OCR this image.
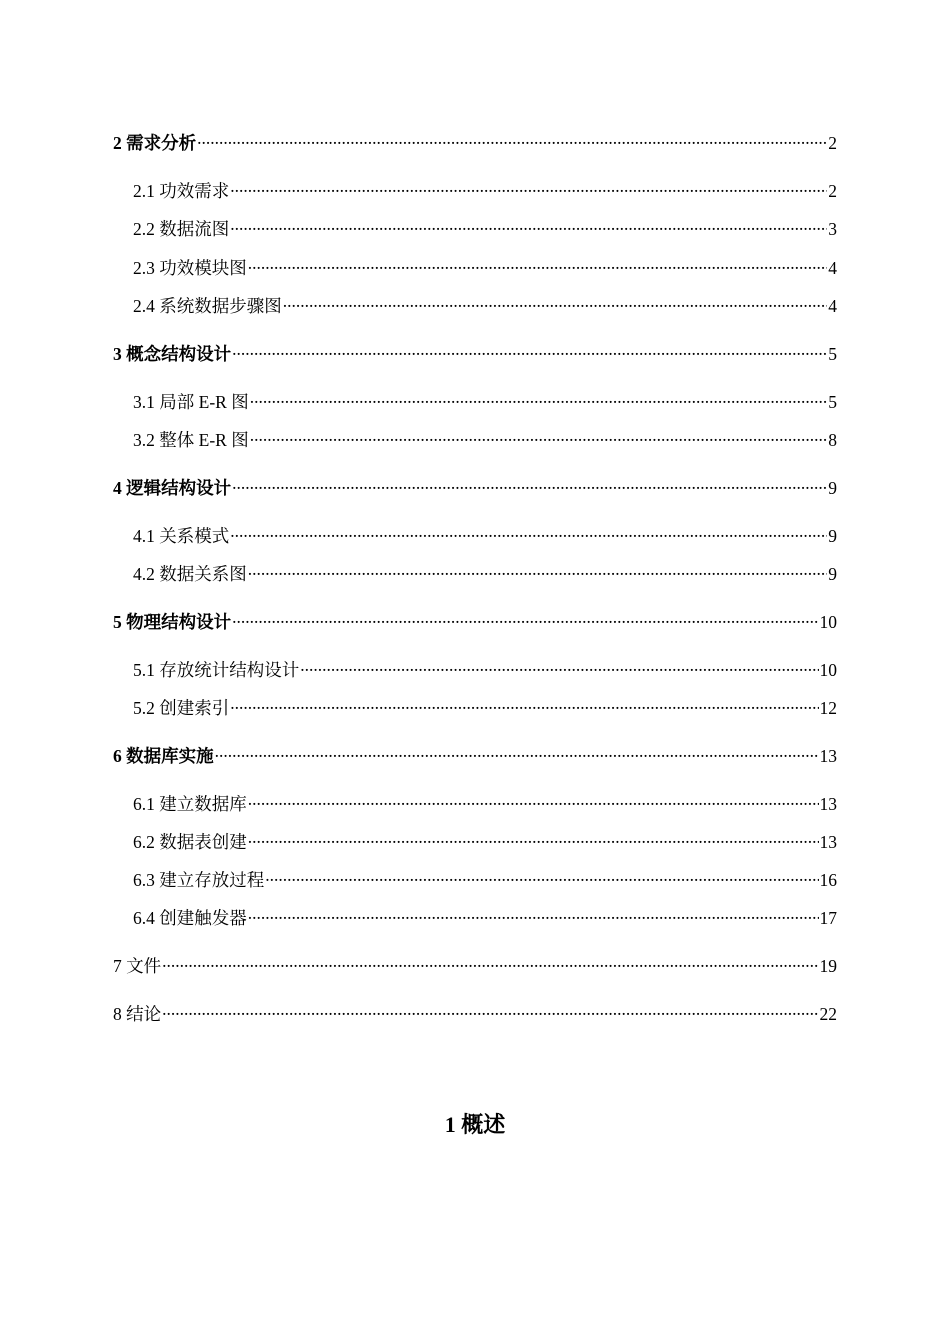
2 需求分析 .....	2
2.1 功效需求 .....	2
2.2 数据流图 .....	3
2.3 功效模块图 .....	4
2.4 系统数据步骤图 .....	4
3 概念结构设计 .....	5
3.1 局部 E-R 图 .....	5
3.2 整体 E-R 图 .....	8
4 逻辑结构设计 .....	9
4.1 关系模式 .....	9
4.2 数据关系图 .....	9
5 物理结构设计 .....	10
5.1 存放统计结构设计 .....	10
5.2 创建索引 .....	12
6 数据库实施 .....	13
6.1 建立数据库 .....	13
6.2 数据表创建 .....	13
6.3 建立存放过程 .....	16
6.4 创建触发器 .....	17
7 文件 .....	19
8 结论 .....	22
1 概述
